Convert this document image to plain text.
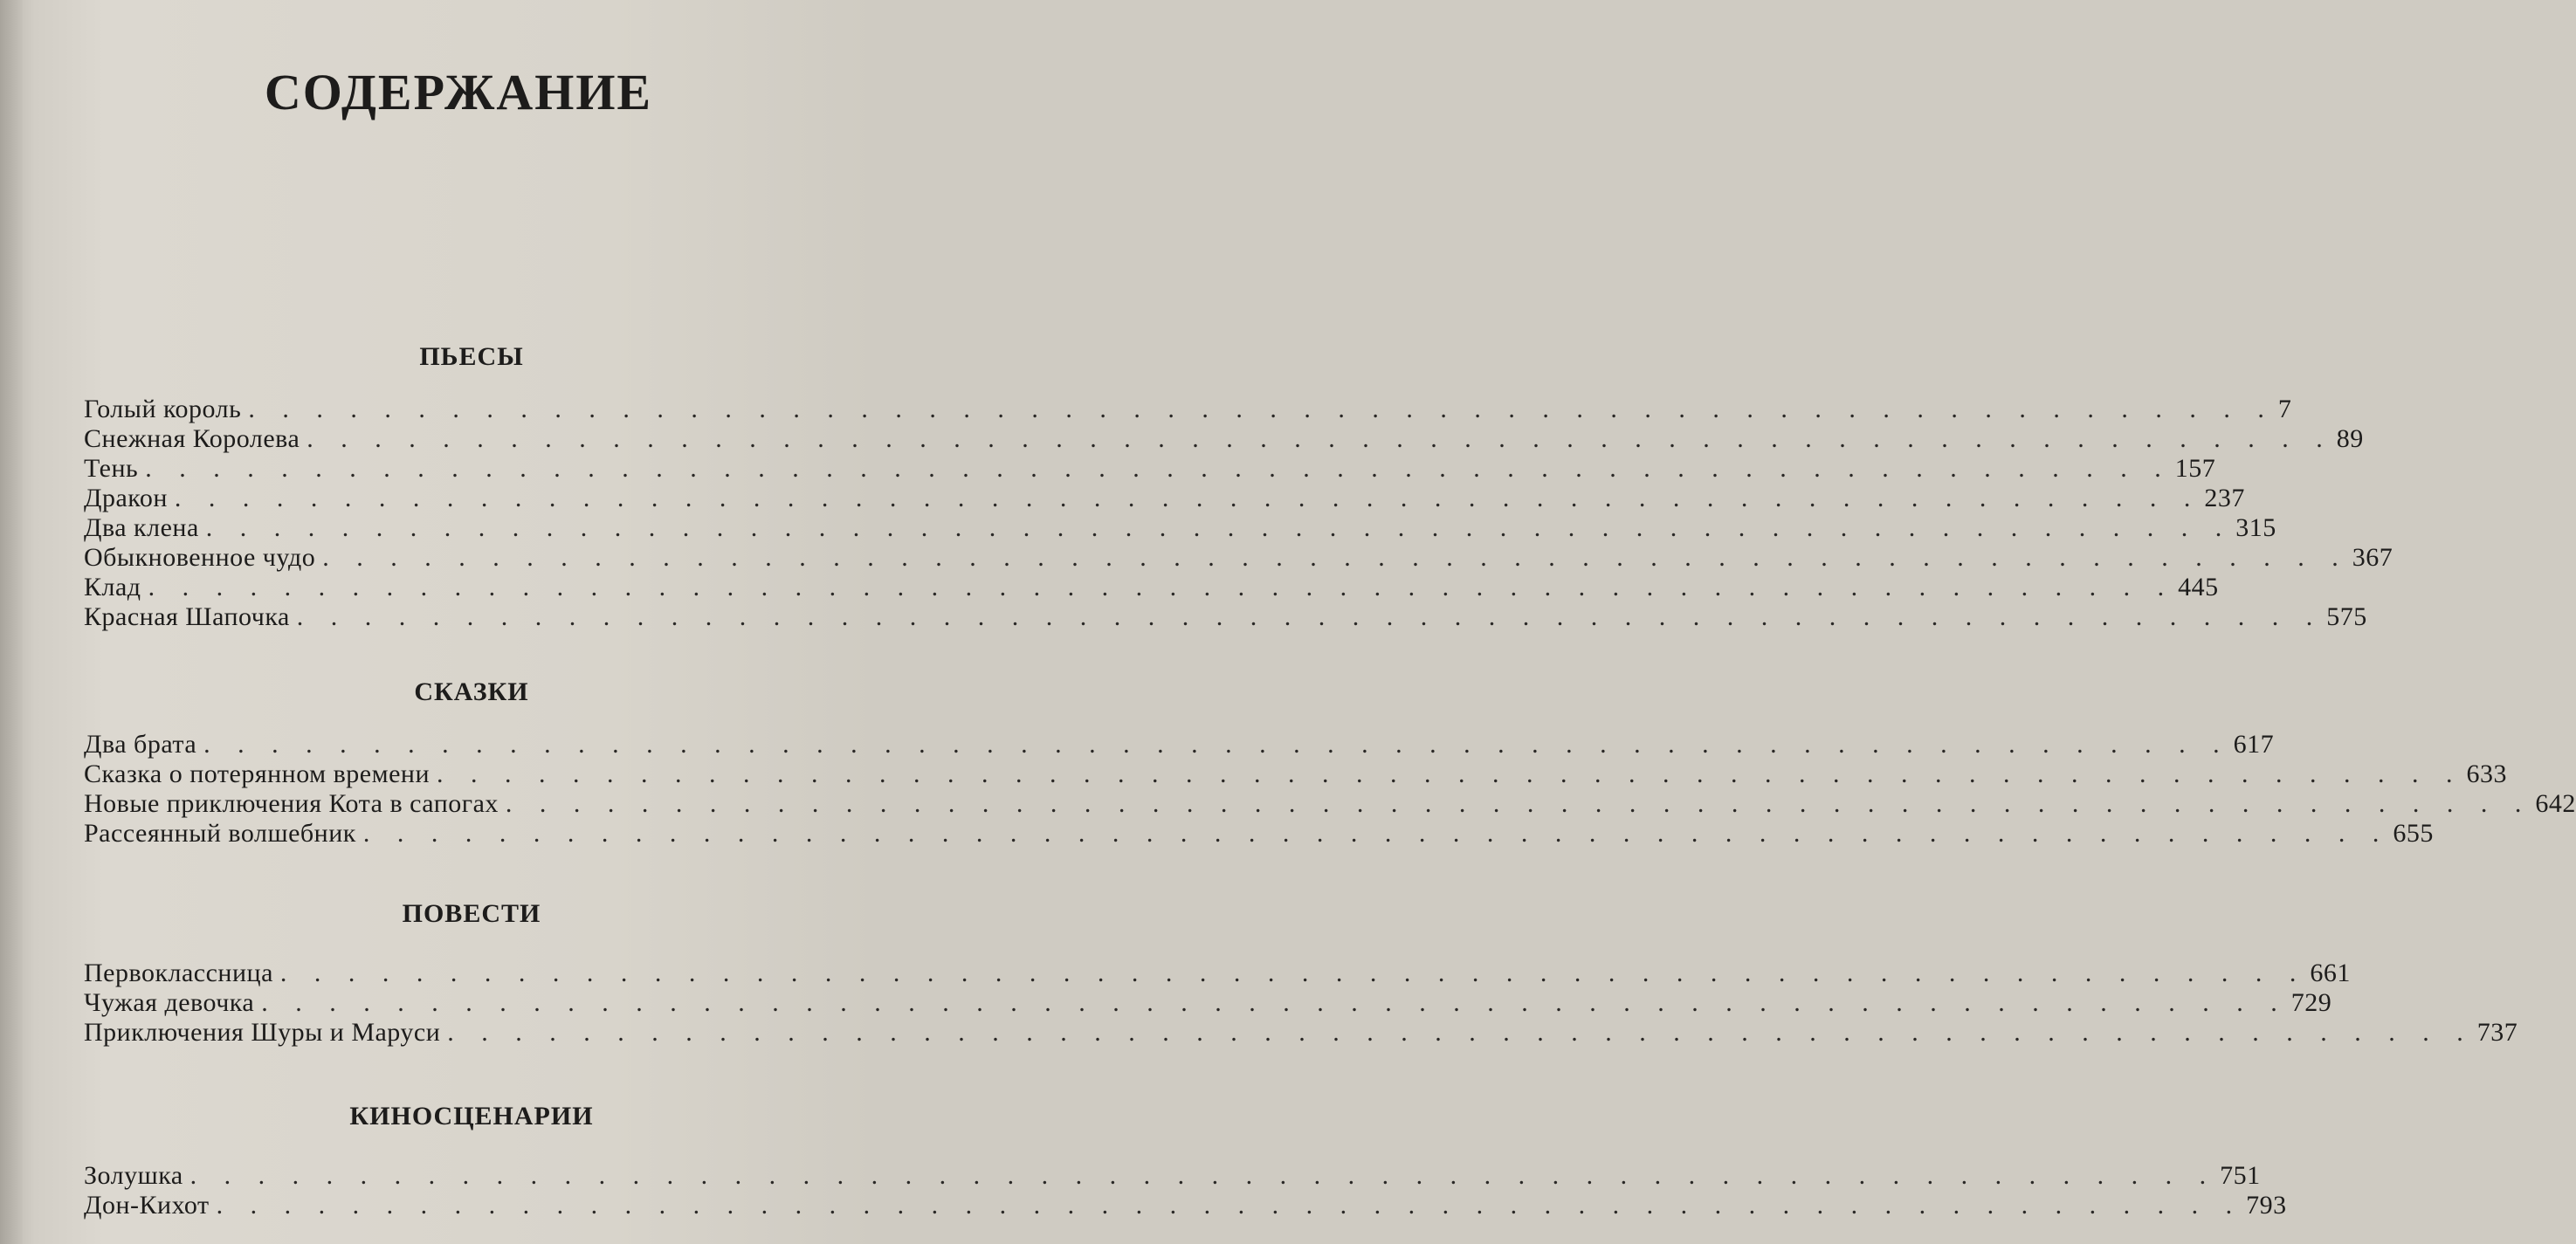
СОДЕРЖАНИЕ
ПЬЕСЫ
Голый король . . . . . . . . . . . . . . . . . . . . . . . . . . . . . . . . . . . . . . . . . . . . . . . . . . . . . . . . . . . . 7
Снежная Королева . . . . . . . . . . . . . . . . . . . . . . . . . . . . . . . . . . . . . . . . . . . . . . . . . . . . . . . . . . . . 89
Тень . . . . . . . . . . . . . . . . . . . . . . . . . . . . . . . . . . . . . . . . . . . . . . . . . . . . . . . . . . . . 157
Дракон . . . . . . . . . . . . . . . . . . . . . . . . . . . . . . . . . . . . . . . . . . . . . . . . . . . . . . . . . . . . 237
Два клена . . . . . . . . . . . . . . . . . . . . . . . . . . . . . . . . . . . . . . . . . . . . . . . . . . . . . . . . . . . . 315
Обыкновенное чудо . . . . . . . . . . . . . . . . . . . . . . . . . . . . . . . . . . . . . . . . . . . . . . . . . . . . . . . . . . . . 367
Клад . . . . . . . . . . . . . . . . . . . . . . . . . . . . . . . . . . . . . . . . . . . . . . . . . . . . . . . . . . . . 445
Красная Шапочка . . . . . . . . . . . . . . . . . . . . . . . . . . . . . . . . . . . . . . . . . . . . . . . . . . . . . . . . . . . . 575
СКАЗКИ
Два брата . . . . . . . . . . . . . . . . . . . . . . . . . . . . . . . . . . . . . . . . . . . . . . . . . . . . . . . . . . . . 617
Сказка о потерянном времени . . . . . . . . . . . . . . . . . . . . . . . . . . . . . . . . . . . . . . . . . . . . . . . . . . . . . . . . . . . . 633
Новые приключения Кота в сапогах . . . . . . . . . . . . . . . . . . . . . . . . . . . . . . . . . . . . . . . . . . . . . . . . . . . . . . . . . . . . 642
Рассеянный волшебник . . . . . . . . . . . . . . . . . . . . . . . . . . . . . . . . . . . . . . . . . . . . . . . . . . . . . . . . . . . . 655
ПОВЕСТИ
Первоклассница . . . . . . . . . . . . . . . . . . . . . . . . . . . . . . . . . . . . . . . . . . . . . . . . . . . . . . . . . . . . 661
Чужая девочка . . . . . . . . . . . . . . . . . . . . . . . . . . . . . . . . . . . . . . . . . . . . . . . . . . . . . . . . . . . . 729
Приключения Шуры и Маруси . . . . . . . . . . . . . . . . . . . . . . . . . . . . . . . . . . . . . . . . . . . . . . . . . . . . . . . . . . . . 737
КИНОСЦЕНАРИИ
Золушка . . . . . . . . . . . . . . . . . . . . . . . . . . . . . . . . . . . . . . . . . . . . . . . . . . . . . . . . . . . . 751
Дон-Кихот . . . . . . . . . . . . . . . . . . . . . . . . . . . . . . . . . . . . . . . . . . . . . . . . . . . . . . . . . . . . 793
